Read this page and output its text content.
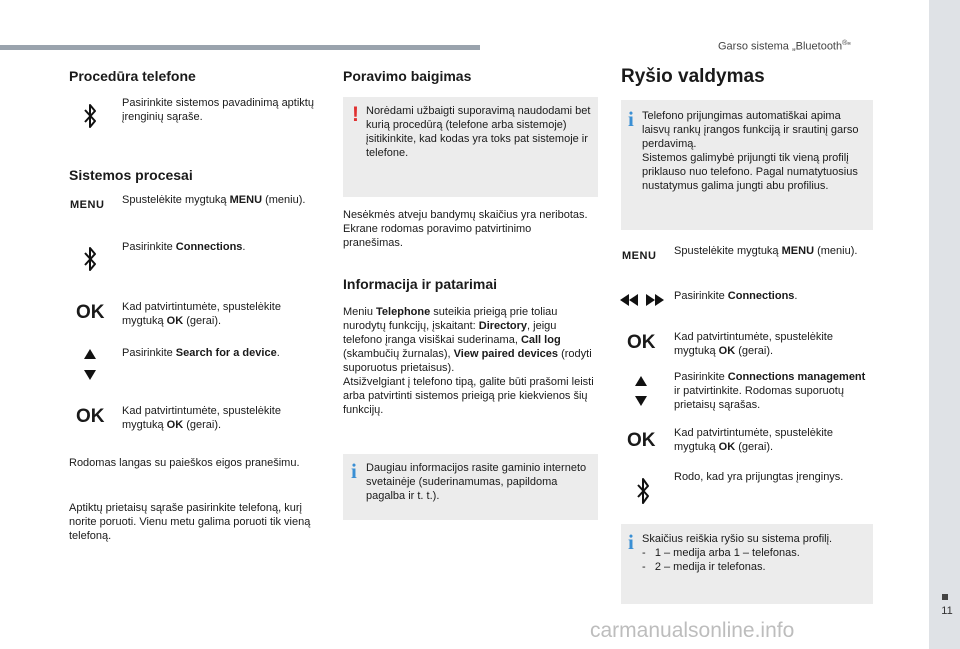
Garso sistema „Bluetooth®“
11
carmanualsonline.info
Procedūra telefone
Pasirinkite sistemos pavadinimą aptiktų įrenginių sąraše.
Sistemos procesai
MENU Spustelėkite mygtuką MENU (meniu).
Pasirinkite Connections.
OK Kad patvirtintumėte, spustelėkite mygtuką OK (gerai).
Pasirinkite Search for a device.
OK Kad patvirtintumėte, spustelėkite mygtuką OK (gerai).
Rodomas langas su paieškos eigos pranešimu.
Aptiktų prietaisų sąraše pasirinkite telefoną, kurį norite poruoti. Vienu metu galima poruoti tik vieną telefoną.
Poravimo baigimas
! Norėdami užbaigti suporavimą naudodami bet kurią procedūrą (telefone arba sistemoje) įsitikinkite, kad kodas yra toks pat sistemoje ir telefone.
Nesėkmės atveju bandymų skaičius yra neribotas.
Ekrane rodomas poravimo patvirtinimo pranešimas.
Informacija ir patarimai
Meniu Telephone suteikia prieigą prie toliau nurodytų funkcijų, įskaitant: Directory, jeigu telefono įranga visiškai suderinama, Call log (skambučių žurnalas), View paired devices (rodyti suporuotus prietaisus).
Atsižvelgiant į telefono tipą, galite būti prašomi leisti arba patvirtinti sistemos prieigą prie kiekvienos šių funkcijų.
i Daugiau informacijos rasite gaminio interneto svetainėje (suderinamumas, papildoma pagalba ir t. t.).
Ryšio valdymas
i Telefono prijungimas automatiškai apima laisvų rankų įrangos funkciją ir srautinį garso perdavimą.
Sistemos galimybė prijungti tik vieną profilį priklauso nuo telefono. Pagal numatytuosius nustatymus galima jungti abu profilius.
MENU Spustelėkite mygtuką MENU (meniu).
Pasirinkite Connections.
OK Kad patvirtintumėte, spustelėkite mygtuką OK (gerai).
Pasirinkite Connections management ir patvirtinkite. Rodomas suporuotų prietaisų sąrašas.
OK Kad patvirtintumėte, spustelėkite mygtuką OK (gerai).
Rodo, kad yra prijungtas įrenginys.
i Skaičius reiškia ryšio su sistema profilį.
-   1 – medija arba 1 – telefonas.
-   2 – medija ir telefonas.
